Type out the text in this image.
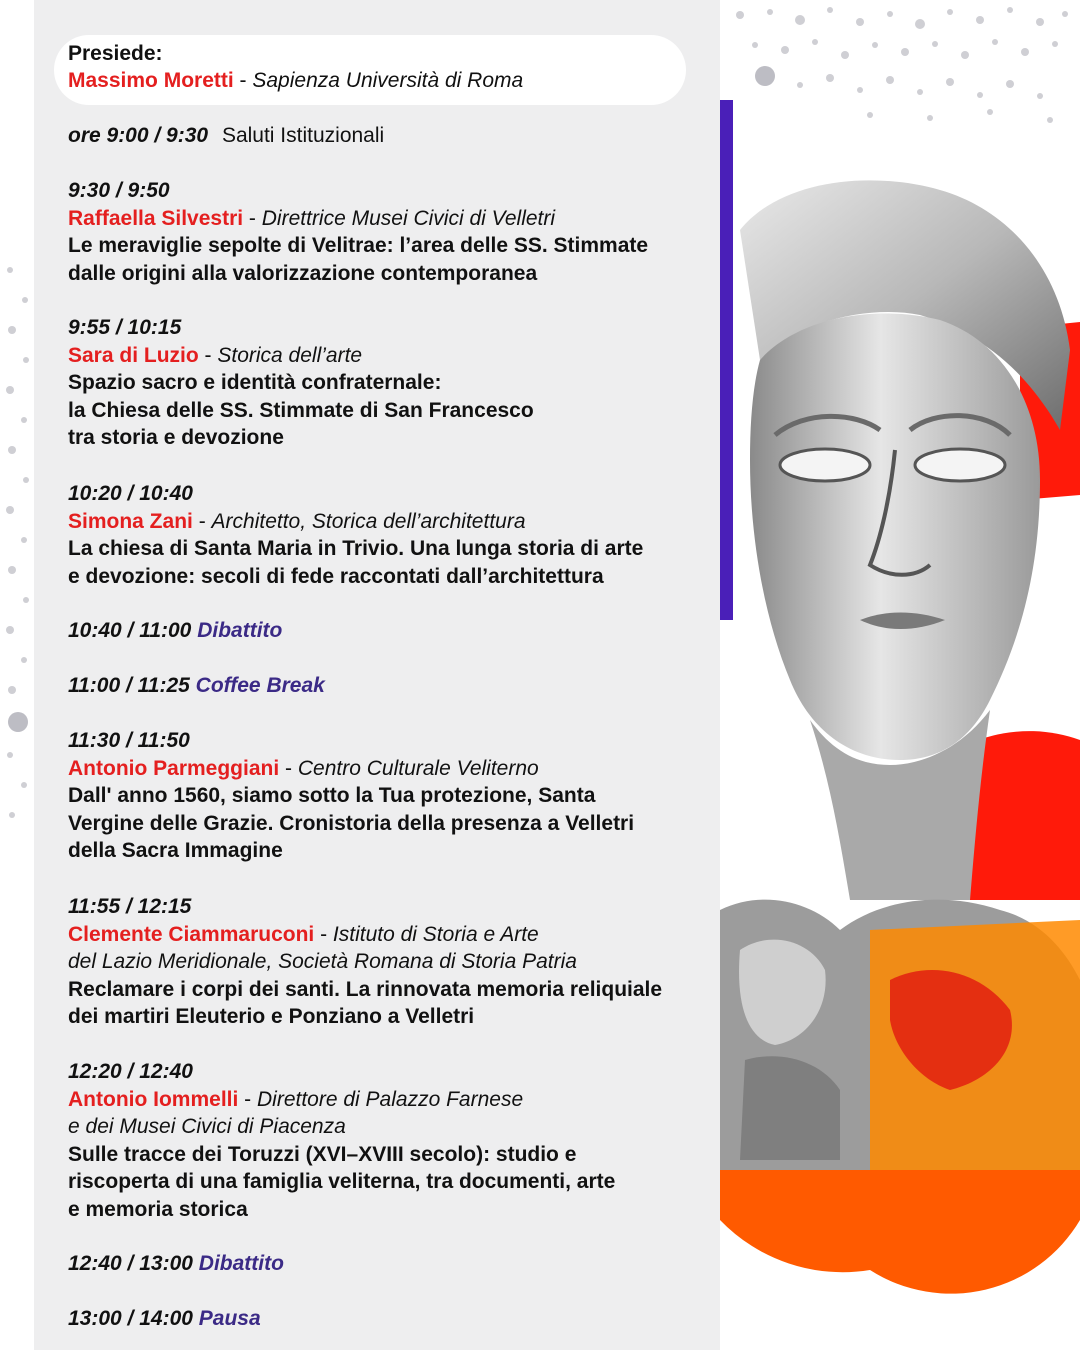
Presiede:
Massimo Moretti - Sapienza Università di Roma
ore 9:00 / 9:30 Saluti Istituzionali
9:30 / 9:50
Raffaella Silvestri - Direttrice Musei Civici di Velletri
Le meraviglie sepolte di Velitrae: l’area delle SS. Stimmate
dalle origini alla valorizzazione contemporanea
9:55 / 10:15
Sara di Luzio - Storica dell’arte
Spazio sacro e identità confraternale:
la Chiesa delle SS. Stimmate di San Francesco
tra storia e devozione
10:20 / 10:40
Simona Zani - Architetto, Storica dell’architettura
La chiesa di Santa Maria in Trivio. Una lunga storia di arte
e devozione: secoli di fede raccontati dall’architettura
10:40 / 11:00 Dibattito
11:00 / 11:25 Coffee Break
11:30 / 11:50
Antonio Parmeggiani - Centro Culturale Veliterno
Dall' anno 1560, siamo sotto la Tua protezione, Santa
Vergine delle Grazie. Cronistoria della presenza a Velletri
della Sacra Immagine
11:55 / 12:15
Clemente Ciammaruconi - Istituto di Storia e Arte
del Lazio Meridionale, Società Romana di Storia Patria
Reclamare i corpi dei santi. La rinnovata memoria reliquiale
dei martiri Eleuterio e Ponziano a Velletri
12:20 / 12:40
Antonio Iommelli - Direttore di Palazzo Farnese
e dei Musei Civici di Piacenza
Sulle tracce dei Toruzzi (XVI–XVIII secolo): studio e
riscoperta di una famiglia veliterna, tra documenti, arte
e memoria storica
12:40 / 13:00 Dibattito
13:00 / 14:00 Pausa
